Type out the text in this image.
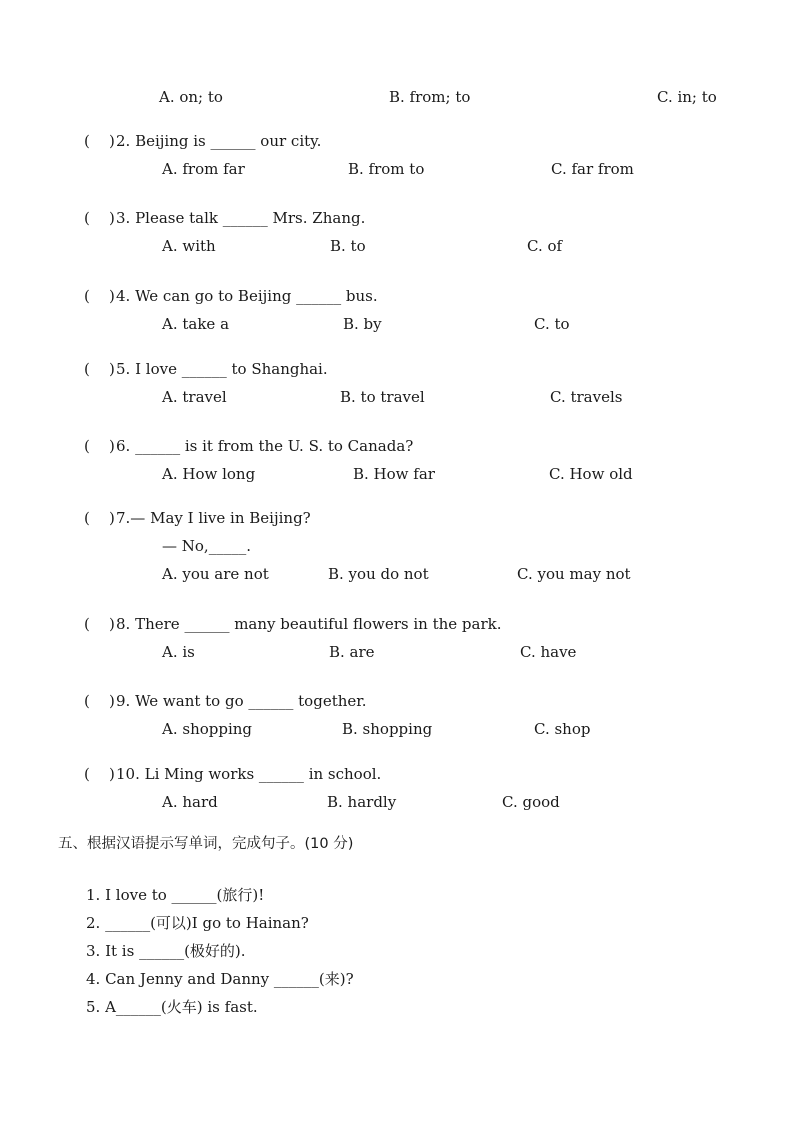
A. on; to	B. from; to	C. in; to
( ) 2. Beijing is ______ our city.
A. from far	B. from to	C. far from
( ) 3. Please talk ______ Mrs. Zhang.
A. with	B. to	C. of
( ) 4. We can go to Beijing ______ bus.
A. take a	B. by	C. to
( ) 5. I love ______ to Shanghai.
A. travel	B. to travel	C. travels
( ) 6. ______ is it from the U. S. to Canada?
A. How long	B. How far	C. How old
( ) 7.— May I live in Beijing?
— No,_____.
A. you are not	B. you do not	C. you may not
( ) 8. There ______ many beautiful flowers in the park.
A. is	B. are	C. have
( ) 9. We want to go ______ together.
A. shopping	B. shopping	C. shop
( ) 10. Li Ming works ______ in school.
A. hard	B. hardly	C. good
五、根据汉语提示写单词，完成句子。(10 分)
1. I love to ______(旅行)!
2. ______(可以)I go to Hainan?
3. It is ______(极好的).
4. Can Jenny and Danny ______(来)?
5. A______(火车) is fast.
